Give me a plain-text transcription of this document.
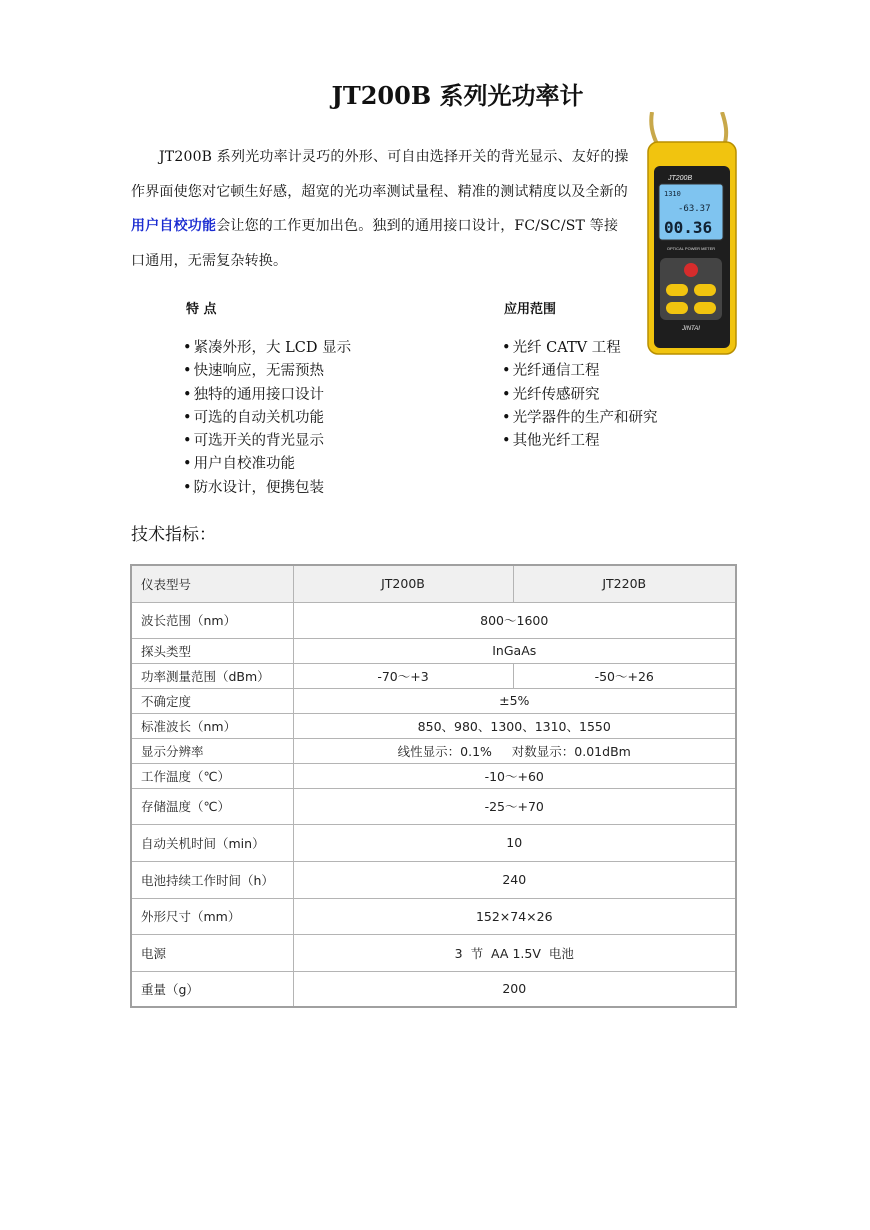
JT200B 系列光功率计

JT200B 系列光功率计灵巧的外形、可自由选择开关的背光显示、友好的操作界面使您对它顿生好感，超宽的光功率测试量程、精准的测试精度以及全新的用户自校功能会让您的工作更加出色。独到的通用接口设计，FC/SC/ST 等接口通用，无需复杂转换。

特 点	应用范围
• 紧凑外形，大 LCD 显示
• 快速响应，无需预热
• 独特的通用接口设计
• 可选的自动关机功能
• 可选开关的背光显示
• 用户自校准功能
• 防水设计，便携包装
• 光纤 CATV 工程
• 光纤通信工程
• 光纤传感研究
• 光学器件的生产和研究
• 其他光纤工程
JT200B
1310
-63.37
00.36
OPTICAL POWER METER
JINTAI
技术指标：
仪表型号	JT200B	JT220B
波长范围（nm）	800～1600	
探头类型	InGaAs	
功率测量范围（dBm）	-70～+3	-50～+26
不确定度	±5%	
标准波长（nm）	850、980、1300、1310、1550	
显示分辨率	线性显示：0.1% 对数显示：0.01dBm	
工作温度（℃）	-10～+60	
存储温度（℃）	-25～+70	
自动关机时间（min）	10	
电池持续工作时间（h）	240	
外形尺寸（mm）	152×74×26	
电源	3  节  AA 1.5V  电池	
重量（g）	200	
